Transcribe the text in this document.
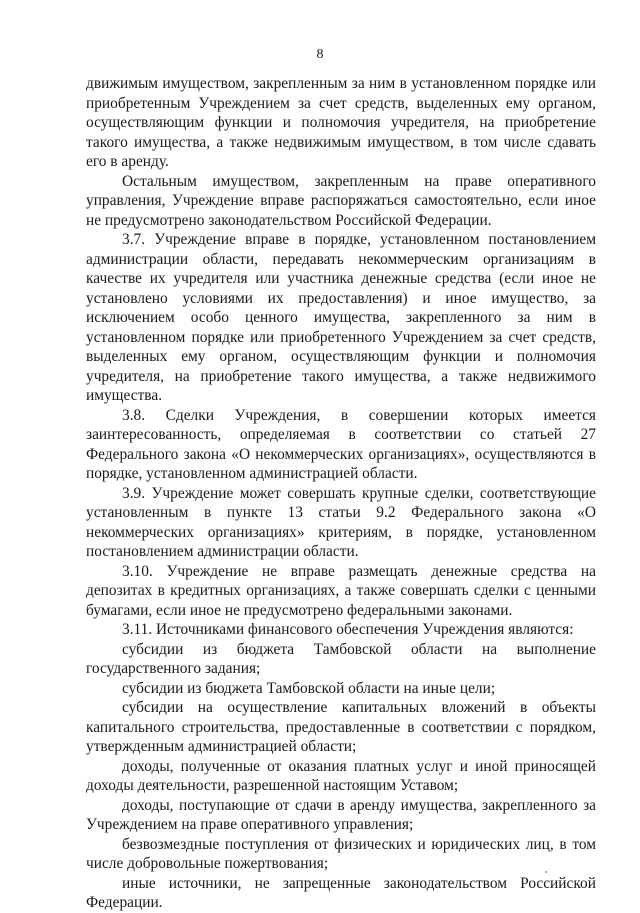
8

движимым имуществом, закрепленным за ним в установленном порядке или приобретенным Учреждением за счет средств, выделенных ему органом, осуществляющим функции и полномочия учредителя, на приобретение такого имущества, а также недвижимым имуществом, в том числе сдавать его в аренду.

Остальным имуществом, закрепленным на праве оперативного управления, Учреждение вправе распоряжаться самостоятельно, если иное не предусмотрено законодательством Российской Федерации.

3.7. Учреждение вправе в порядке, установленном постановлением администрации области, передавать некоммерческим организациям в качестве их учредителя или участника денежные средства (если иное не установлено условиями их предоставления) и иное имущество, за исключением особо ценного имущества, закрепленного за ним в установленном порядке или приобретенного Учреждением за счет средств, выделенных ему органом, осуществляющим функции и полномочия учредителя, на приобретение такого имущества, а также недвижимого имущества.

3.8. Сделки Учреждения, в совершении которых имеется заинтересованность, определяемая в соответствии со статьей 27 Федерального закона «О некоммерческих организациях», осуществляются в порядке, установленном администрацией области.

3.9. Учреждение может совершать крупные сделки, соответствующие установленным в пункте 13 статьи 9.2 Федерального закона «О некоммерческих организациях» критериям, в порядке, установленном постановлением администрации области.

3.10. Учреждение не вправе размещать денежные средства на депозитах в кредитных организациях, а также совершать сделки с ценными бумагами, если иное не предусмотрено федеральными законами.

3.11. Источниками финансового обеспечения Учреждения являются:

субсидии из бюджета Тамбовской области на выполнение государственного задания;

субсидии из бюджета Тамбовской области на иные цели;

субсидии на осуществление капитальных вложений в объекты капитального строительства, предоставленные в соответствии с порядком, утвержденным администрацией области;

доходы, полученные от оказания платных услуг и иной приносящей доходы деятельности, разрешенной настоящим Уставом;

доходы, поступающие от сдачи в аренду имущества, закрепленного за Учреждением на праве оперативного управления;

безвозмездные поступления от физических и юридических лиц, в том числе добровольные пожертвования;

иные источники, не запрещенные законодательством Российской Федерации.
